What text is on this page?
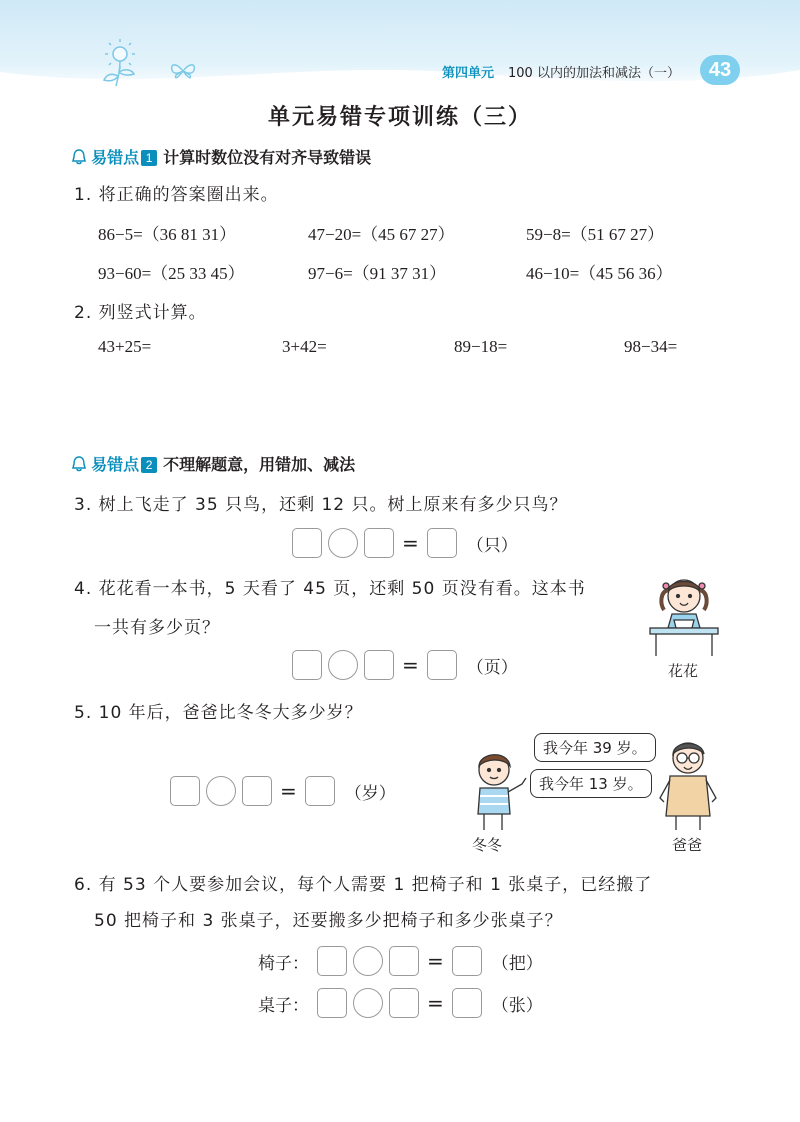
第四单元 100 以内的加法和减法（一）	43
单元易错专项训练（三）
易错点 1 计算时数位没有对齐导致错误
1. 将正确的答案圈出来。
86−5=（36 81 31）	47−20=（45 67 27）	59−8=（51 67 27）
93−60=（25 33 45）	97−6=（91 37 31）	46−10=（45 56 36）
2. 列竖式计算。
43+25=	3+42=	89−18=	98−34=
易错点 2 不理解题意，用错加、减法
3. 树上飞走了 35 只鸟，还剩 12 只。树上原来有多少只鸟？
=	（只）
4. 花花看一本书，5 天看了 45 页，还剩 50 页没有看。这本书
一共有多少页？
=	（页）	花花
5. 10 年后，爸爸比冬冬大多少岁？
=	（岁）
我今年 39 岁。
我今年 13 岁。
冬冬	爸爸
6. 有 53 个人要参加会议，每个人需要 1 把椅子和 1 张桌子，已经搬了
50 把椅子和 3 张桌子，还要搬多少把椅子和多少张桌子？
椅子：	=	（把）
桌子：	=	（张）
